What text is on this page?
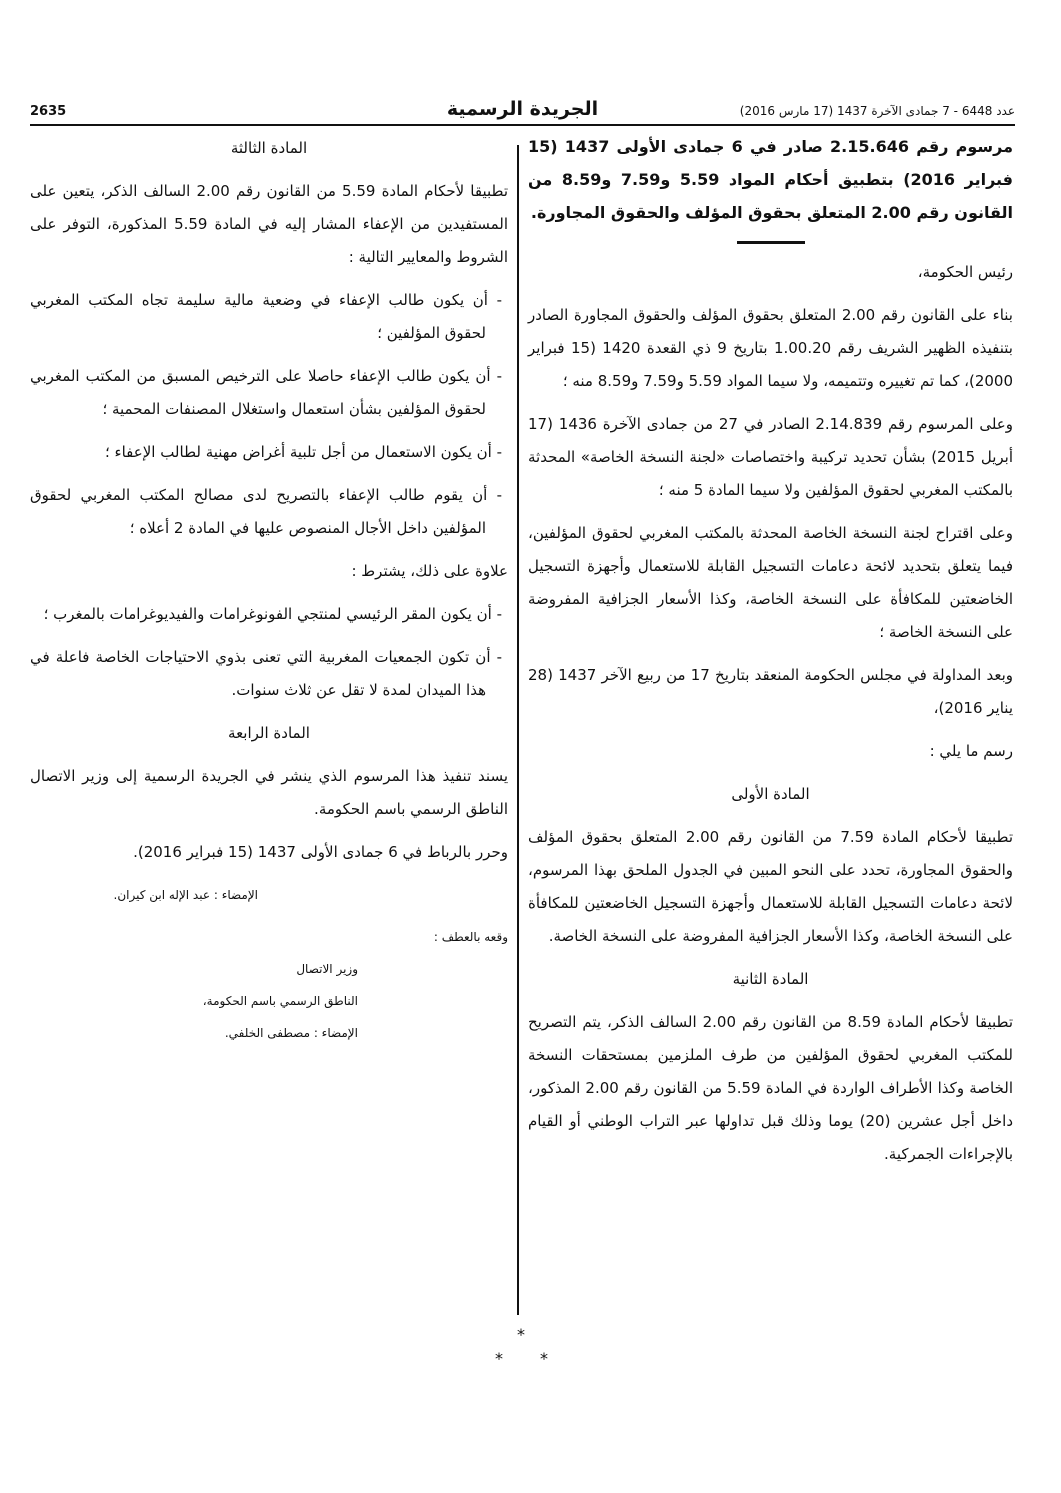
عدد 6448 - 7 جمادى الآخرة 1437 (17 مارس 2016)
الجريدة الرسمية
2635

مرسوم رقم 2.15.646 صادر في 6 جمادى الأولى 1437 (15 فبراير 2016) بتطبيق أحكام المواد 5.59 و7.59 و8.59 من القانون رقم 2.00 المتعلق بحقوق المؤلف والحقوق المجاورة.

رئيس الحكومة،

بناء على القانون رقم 2.00 المتعلق بحقوق المؤلف والحقوق المجاورة الصادر بتنفيذه الظهير الشريف رقم 1.00.20 بتاريخ 9 ذي القعدة 1420 (15 فبراير 2000)، كما تم تغييره وتتميمه، ولا سيما المواد 5.59 و7.59 و8.59 منه ؛

وعلى المرسوم رقم 2.14.839 الصادر في 27 من جمادى الآخرة 1436 (17 أبريل 2015) بشأن تحديد تركيبة واختصاصات «لجنة النسخة الخاصة» المحدثة بالمكتب المغربي لحقوق المؤلفين ولا سيما المادة 5 منه ؛

وعلى اقتراح لجنة النسخة الخاصة المحدثة بالمكتب المغربي لحقوق المؤلفين، فيما يتعلق بتحديد لائحة دعامات التسجيل القابلة للاستعمال وأجهزة التسجيل الخاضعتين للمكافأة على النسخة الخاصة، وكذا الأسعار الجزافية المفروضة على النسخة الخاصة ؛

وبعد المداولة في مجلس الحكومة المنعقد بتاريخ 17 من ربيع الآخر 1437 (28 يناير 2016)،

رسم ما يلي :

المادة الأولى

تطبيقا لأحكام المادة 7.59 من القانون رقم 2.00 المتعلق بحقوق المؤلف والحقوق المجاورة، تحدد على النحو المبين في الجدول الملحق بهذا المرسوم، لائحة دعامات التسجيل القابلة للاستعمال وأجهزة التسجيل الخاضعتين للمكافأة على النسخة الخاصة، وكذا الأسعار الجزافية المفروضة على النسخة الخاصة.

المادة الثانية

تطبيقا لأحكام المادة 8.59 من القانون رقم 2.00 السالف الذكر، يتم التصريح للمكتب المغربي لحقوق المؤلفين من طرف الملزمين بمستحقات النسخة الخاصة وكذا الأطراف الواردة في المادة 5.59 من القانون رقم 2.00 المذكور، داخل أجل عشرين (20) يوما وذلك قبل تداولها عبر التراب الوطني أو القيام بالإجراءات الجمركية.

المادة الثالثة

تطبيقا لأحكام المادة 5.59 من القانون رقم 2.00 السالف الذكر، يتعين على المستفيدين من الإعفاء المشار إليه في المادة 5.59 المذكورة، التوفر على الشروط والمعايير التالية :

- أن يكون طالب الإعفاء في وضعية مالية سليمة تجاه المكتب المغربي لحقوق المؤلفين ؛

- أن يكون طالب الإعفاء حاصلا على الترخيص المسبق من المكتب المغربي لحقوق المؤلفين بشأن استعمال واستغلال المصنفات المحمية ؛

- أن يكون الاستعمال من أجل تلبية أغراض مهنية لطالب الإعفاء ؛

- أن يقوم طالب الإعفاء بالتصريح لدى مصالح المكتب المغربي لحقوق المؤلفين داخل الأجال المنصوص عليها في المادة 2 أعلاه ؛

علاوة على ذلك، يشترط :

- أن يكون المقر الرئيسي لمنتجي الفونوغرامات والفيديوغرامات بالمغرب ؛

- أن تكون الجمعيات المغربية التي تعنى بذوي الاحتياجات الخاصة فاعلة في هذا الميدان لمدة لا تقل عن ثلاث سنوات.

المادة الرابعة

يسند تنفيذ هذا المرسوم الذي ينشر في الجريدة الرسمية إلى وزير الاتصال الناطق الرسمي باسم الحكومة.

وحرر بالرباط في 6 جمادى الأولى 1437 (15 فبراير 2016).

الإمضاء : عبد الإله ابن كيران.

وقعه بالعطف :

وزير الاتصال

الناطق الرسمي باسم الحكومة،

الإمضاء : مصطفى الخلفي.

*
* *
